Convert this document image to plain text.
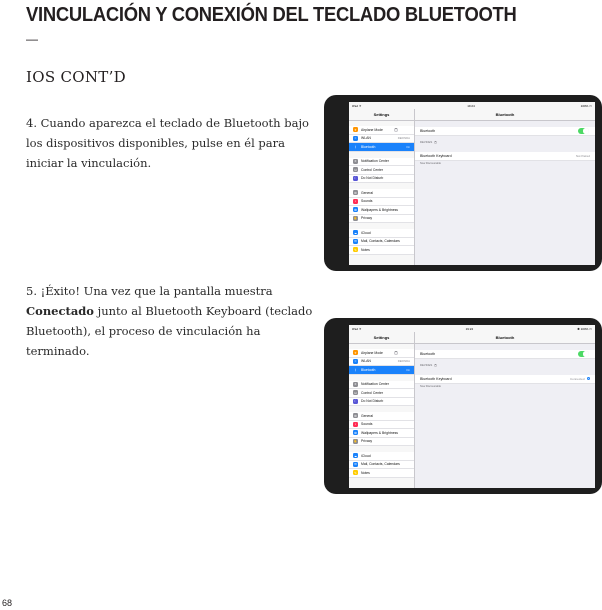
VINCULACIÓN Y CONEXIÓN DEL TECLADO BLUETOOTH
—
IOS CONT’D

4. Cuando aparezca el teclado de Bluetooth bajo los dispositivos disponibles, pulse en él para iniciar la vinculación.

5. ¡Éxito! Una vez que la pantalla muestra Conectado junto al Bluetooth Keyboard (teclado Bluetooth), el proceso de vinculación ha terminado.

68
iPad ✈	19:24	100% ▭
Settings
✈	Airplane Mode
≈	WLAN	DEFINDA
ᛒ	Bluetooth	On
≡	Notification Center
⊟	Control Center
☾	Do Not Disturb
⚙	General
♪	Sounds
✿	Wallpapers & Brightness
✋ Privacy
☁ iCloud
✉	Mail, Contacts, Calendars
✎	Notes
Bluetooth
Bluetooth
DEVICES
Bluetooth Keyboard	Not Paired
Now Discoverable
iPad ✈	19:24	✱ 100% ▭
Settings
✈	Airplane Mode
≈	WLAN	DEFINDA
ᛒ	Bluetooth	On
≡	Notification Center
⊟	Control Center
☾	Do Not Disturb
⚙	General
♪	Sounds
✿	Wallpapers & Brightness
✋ Privacy
☁ iCloud
✉	Mail, Contacts, Calendars
✎	Notes
Bluetooth
Bluetooth
DEVICES
Bluetooth Keyboard	Connected	i
Now Discoverable
